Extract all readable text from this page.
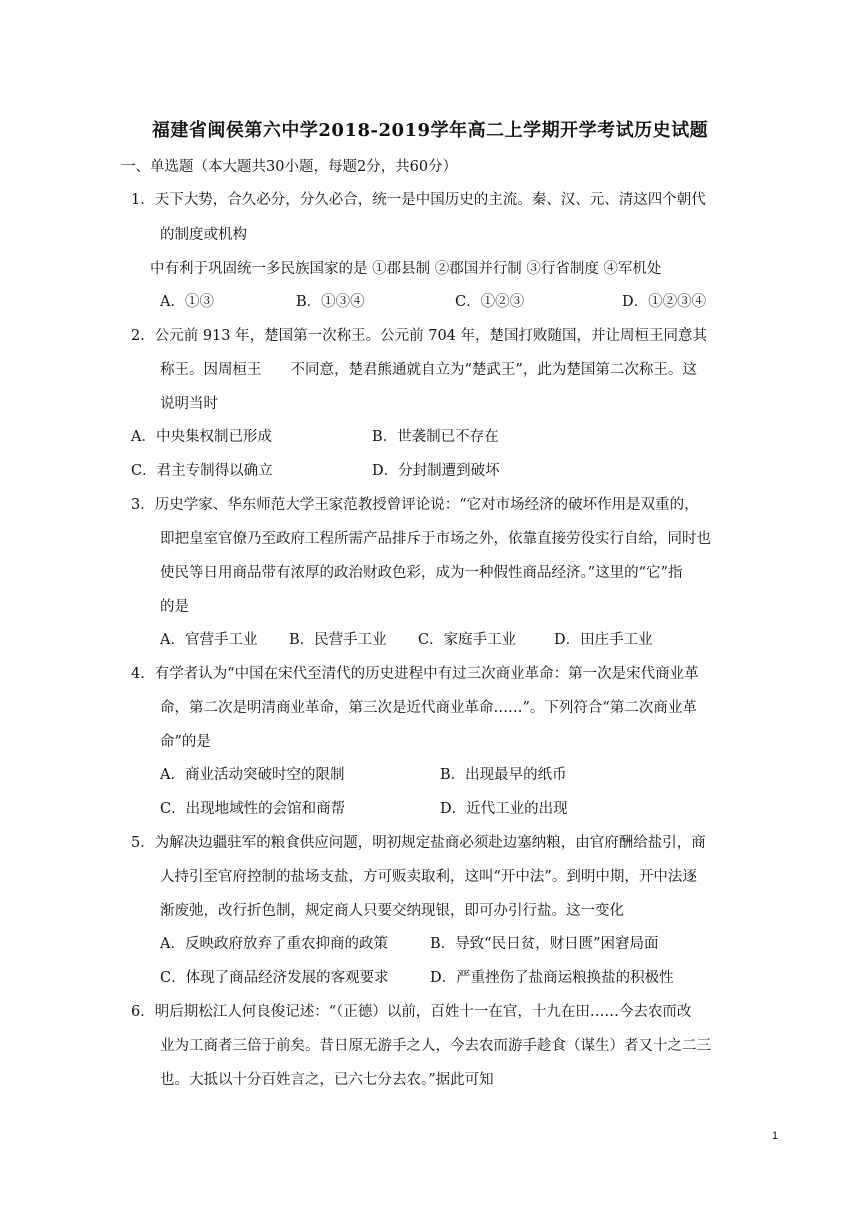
福建省闽侯第六中学2018-2019学年高二上学期开学考试历史试题
一、单选题（本大题共30小题，每题2分，共60分）
1．天下大势，合久必分，分久必合，统一是中国历史的主流。秦、汉、元、清这四个朝代
的制度或机构
中有利于巩固统一多民族国家的是 ①郡县制 ②郡国并行制 ③行省制度 ④军机处
A．①③	B．①③④	C．①②③	D．①②③④
2．公元前 913 年，楚国第一次称王。公元前 704 年，楚国打败随国，并让周桓王同意其
称王。因周桓王　　不同意，楚君熊通就自立为“楚武王”，此为楚国第二次称王。这
说明当时
A．中央集权制已形成	B．世袭制已不存在
C．君主专制得以确立	D．分封制遭到破坏
3．历史学家、华东师范大学王家范教授曾评论说：“它对市场经济的破坏作用是双重的，
即把皇室官僚乃至政府工程所需产品排斥于市场之外，依靠直接劳役实行自给，同时也
使民等日用商品带有浓厚的政治财政色彩，成为一种假性商品经济。”这里的“它”指
的是
A．官营手工业 B．民营手工业 C．家庭手工业	D．田庄手工业
4．有学者认为“中国在宋代至清代的历史进程中有过三次商业革命：第一次是宋代商业革
命，第二次是明清商业革命，第三次是近代商业革命……”。下列符合“第二次商业革
命”的是
A．商业活动突破时空的限制	B．出现最早的纸币
C．出现地域性的会馆和商帮	D．近代工业的出现
5．为解决边疆驻军的粮食供应问题，明初规定盐商必须赴边塞纳粮，由官府酬给盐引，商
人持引至官府控制的盐场支盐，方可贩卖取利，这叫“开中法”。到明中期，开中法逐
渐废弛，改行折色制，规定商人只要交纳现银，即可办引行盐。这一变化
A．反映政府放弃了重农抑商的政策	B．导致“民日贫，财日匮”困窘局面
C．体现了商品经济发展的客观要求	D．严重挫伤了盐商运粮换盐的积极性
6．明后期松江人何良俊记述：“（正德）以前，百姓十一在官，十九在田……今去农而改
业为工商者三倍于前矣。昔日原无游手之人，今去农而游手趁食（谋生）者又十之二三
也。大抵以十分百姓言之，已六七分去农。”据此可知
1
